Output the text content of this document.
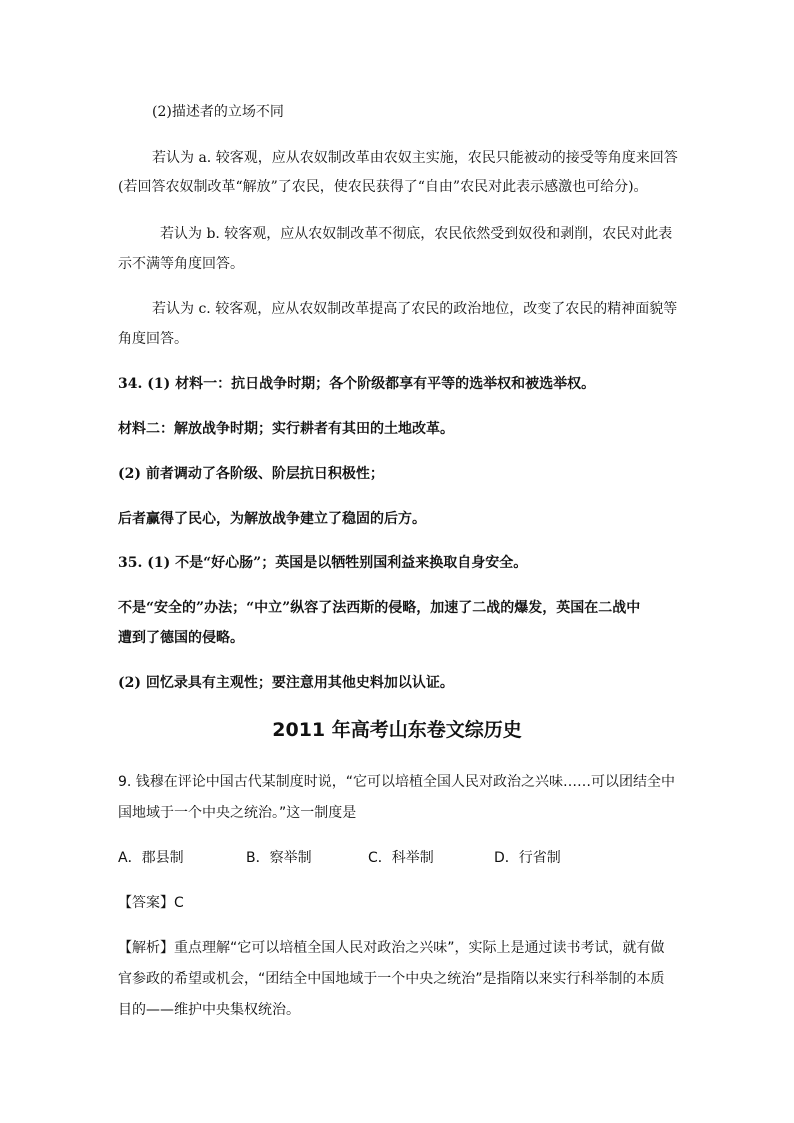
(2)描述者的立场不同
若认为 a. 较客观，应从农奴制改革由农奴主实施，农民只能被动的接受等角度来回答
(若回答农奴制改革“解放”了农民，使农民获得了“自由”农民对此表示感激也可给分)。
若认为 b. 较客观，应从农奴制改革不彻底，农民依然受到奴役和剥削，农民对此表
示不满等角度回答。
若认为 c. 较客观，应从农奴制改革提高了农民的政治地位，改变了农民的精神面貌等
角度回答。
34. (1) 材料一：抗日战争时期；各个阶级都享有平等的选举权和被选举权。
材料二：解放战争时期；实行耕者有其田的土地改革。
(2) 前者调动了各阶级、阶层抗日积极性；
后者赢得了民心，为解放战争建立了稳固的后方。
35. (1) 不是“好心肠”；英国是以牺牲别国利益来换取自身安全。
不是“安全的”办法；“中立”纵容了法西斯的侵略，加速了二战的爆发，英国在二战中
遭到了德国的侵略。
(2) 回忆录具有主观性；要注意用其他史料加以认证。
2011 年高考山东卷文综历史
9. 钱穆在评论中国古代某制度时说，“它可以培植全国人民对政治之兴味……可以团结全中
国地域于一个中央之统治。”这一制度是
A．郡县制	B．察举制	C．科举制	D．行省制
【答案】C
【解析】重点理解“它可以培植全国人民对政治之兴味”，实际上是通过读书考试，就有做
官参政的希望或机会，“团结全中国地域于一个中央之统治”是指隋以来实行科举制的本质
目的——维护中央集权统治。
